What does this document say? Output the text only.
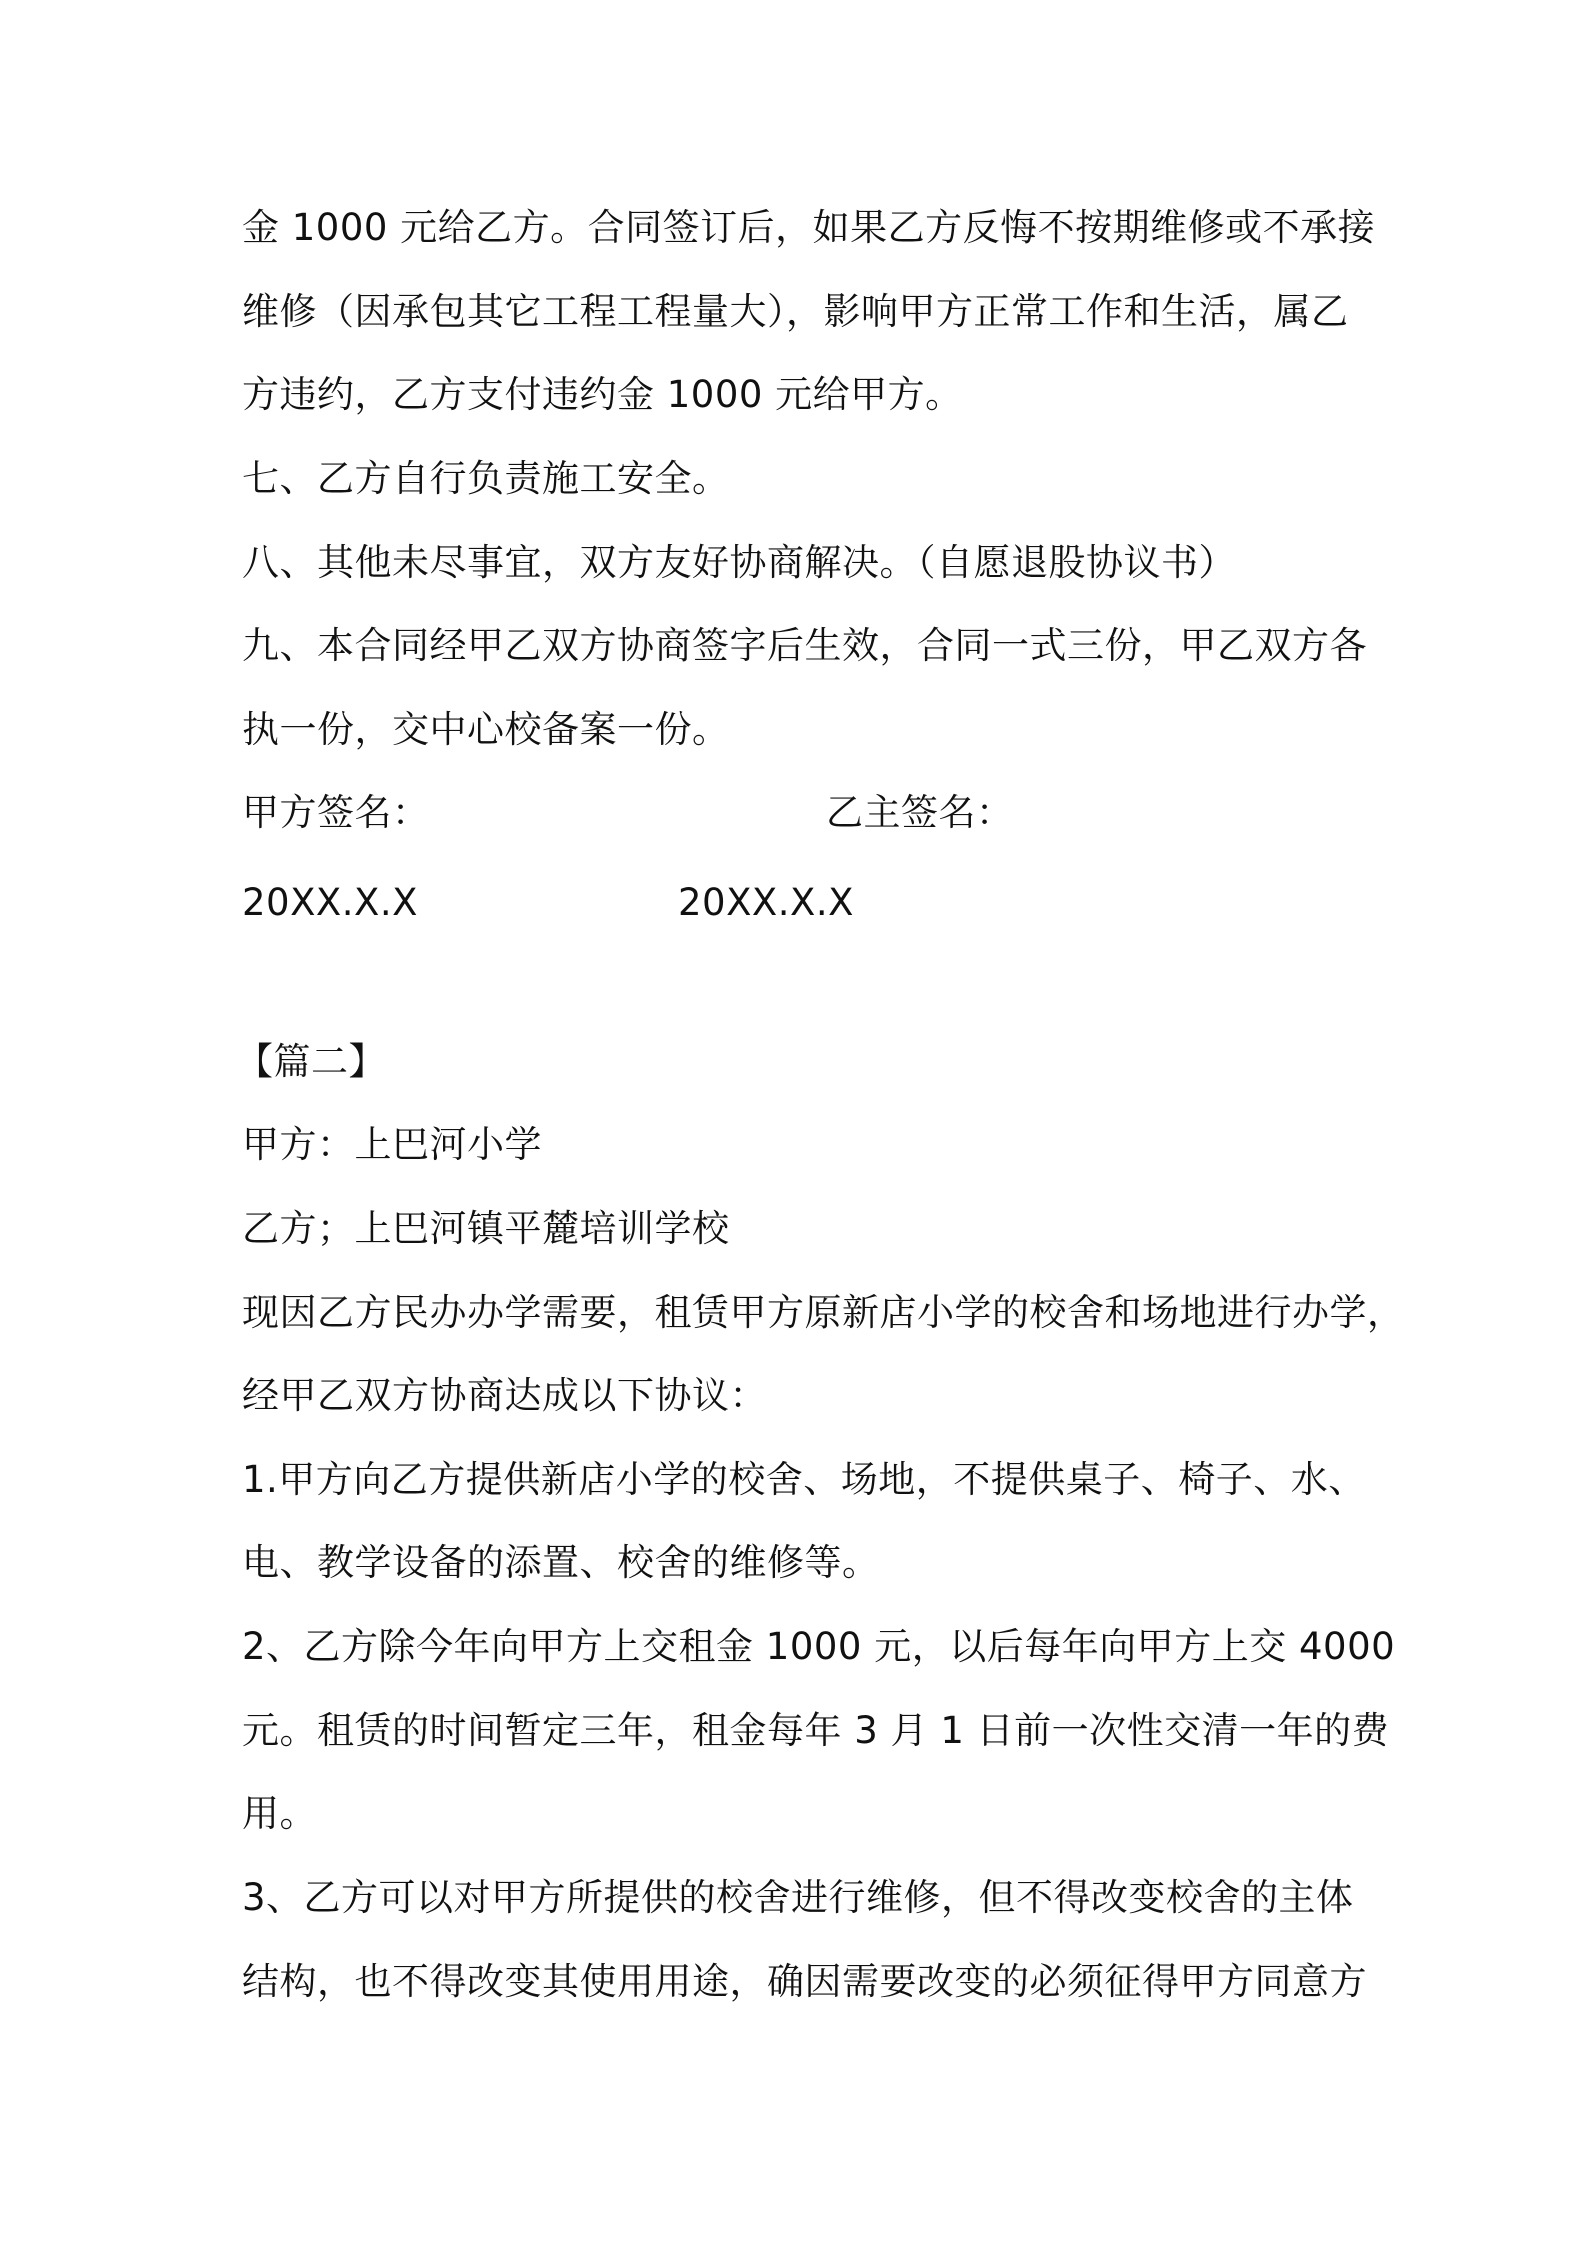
金 1000 元给乙方。合同签订后，如果乙方反悔不按期维修或不承接
维修（因承包其它工程工程量大），影响甲方正常工作和生活，属乙
方违约，乙方支付违约金 1000 元给甲方。
七、乙方自行负责施工安全。
八、其他未尽事宜，双方友好协商解决。（自愿退股协议书）
九、本合同经甲乙双方协商签字后生效，合同一式三份，甲乙双方各
执一份，交中心校备案一份。
甲方签名：	乙主签名：
20XX.X.X	20XX.X.X
【篇二】
甲方：上巴河小学
乙方；上巴河镇平麓培训学校
现因乙方民办办学需要，租赁甲方原新店小学的校舍和场地进行办学，
经甲乙双方协商达成以下协议：
1.甲方向乙方提供新店小学的校舍、场地，不提供桌子、椅子、水、
电、教学设备的添置、校舍的维修等。
2、乙方除今年向甲方上交租金 1000 元，以后每年向甲方上交 4000
元。租赁的时间暂定三年，租金每年 3 月 1 日前一次性交清一年的费
用。
3、乙方可以对甲方所提供的校舍进行维修，但不得改变校舍的主体
结构，也不得改变其使用用途，确因需要改变的必须征得甲方同意方
